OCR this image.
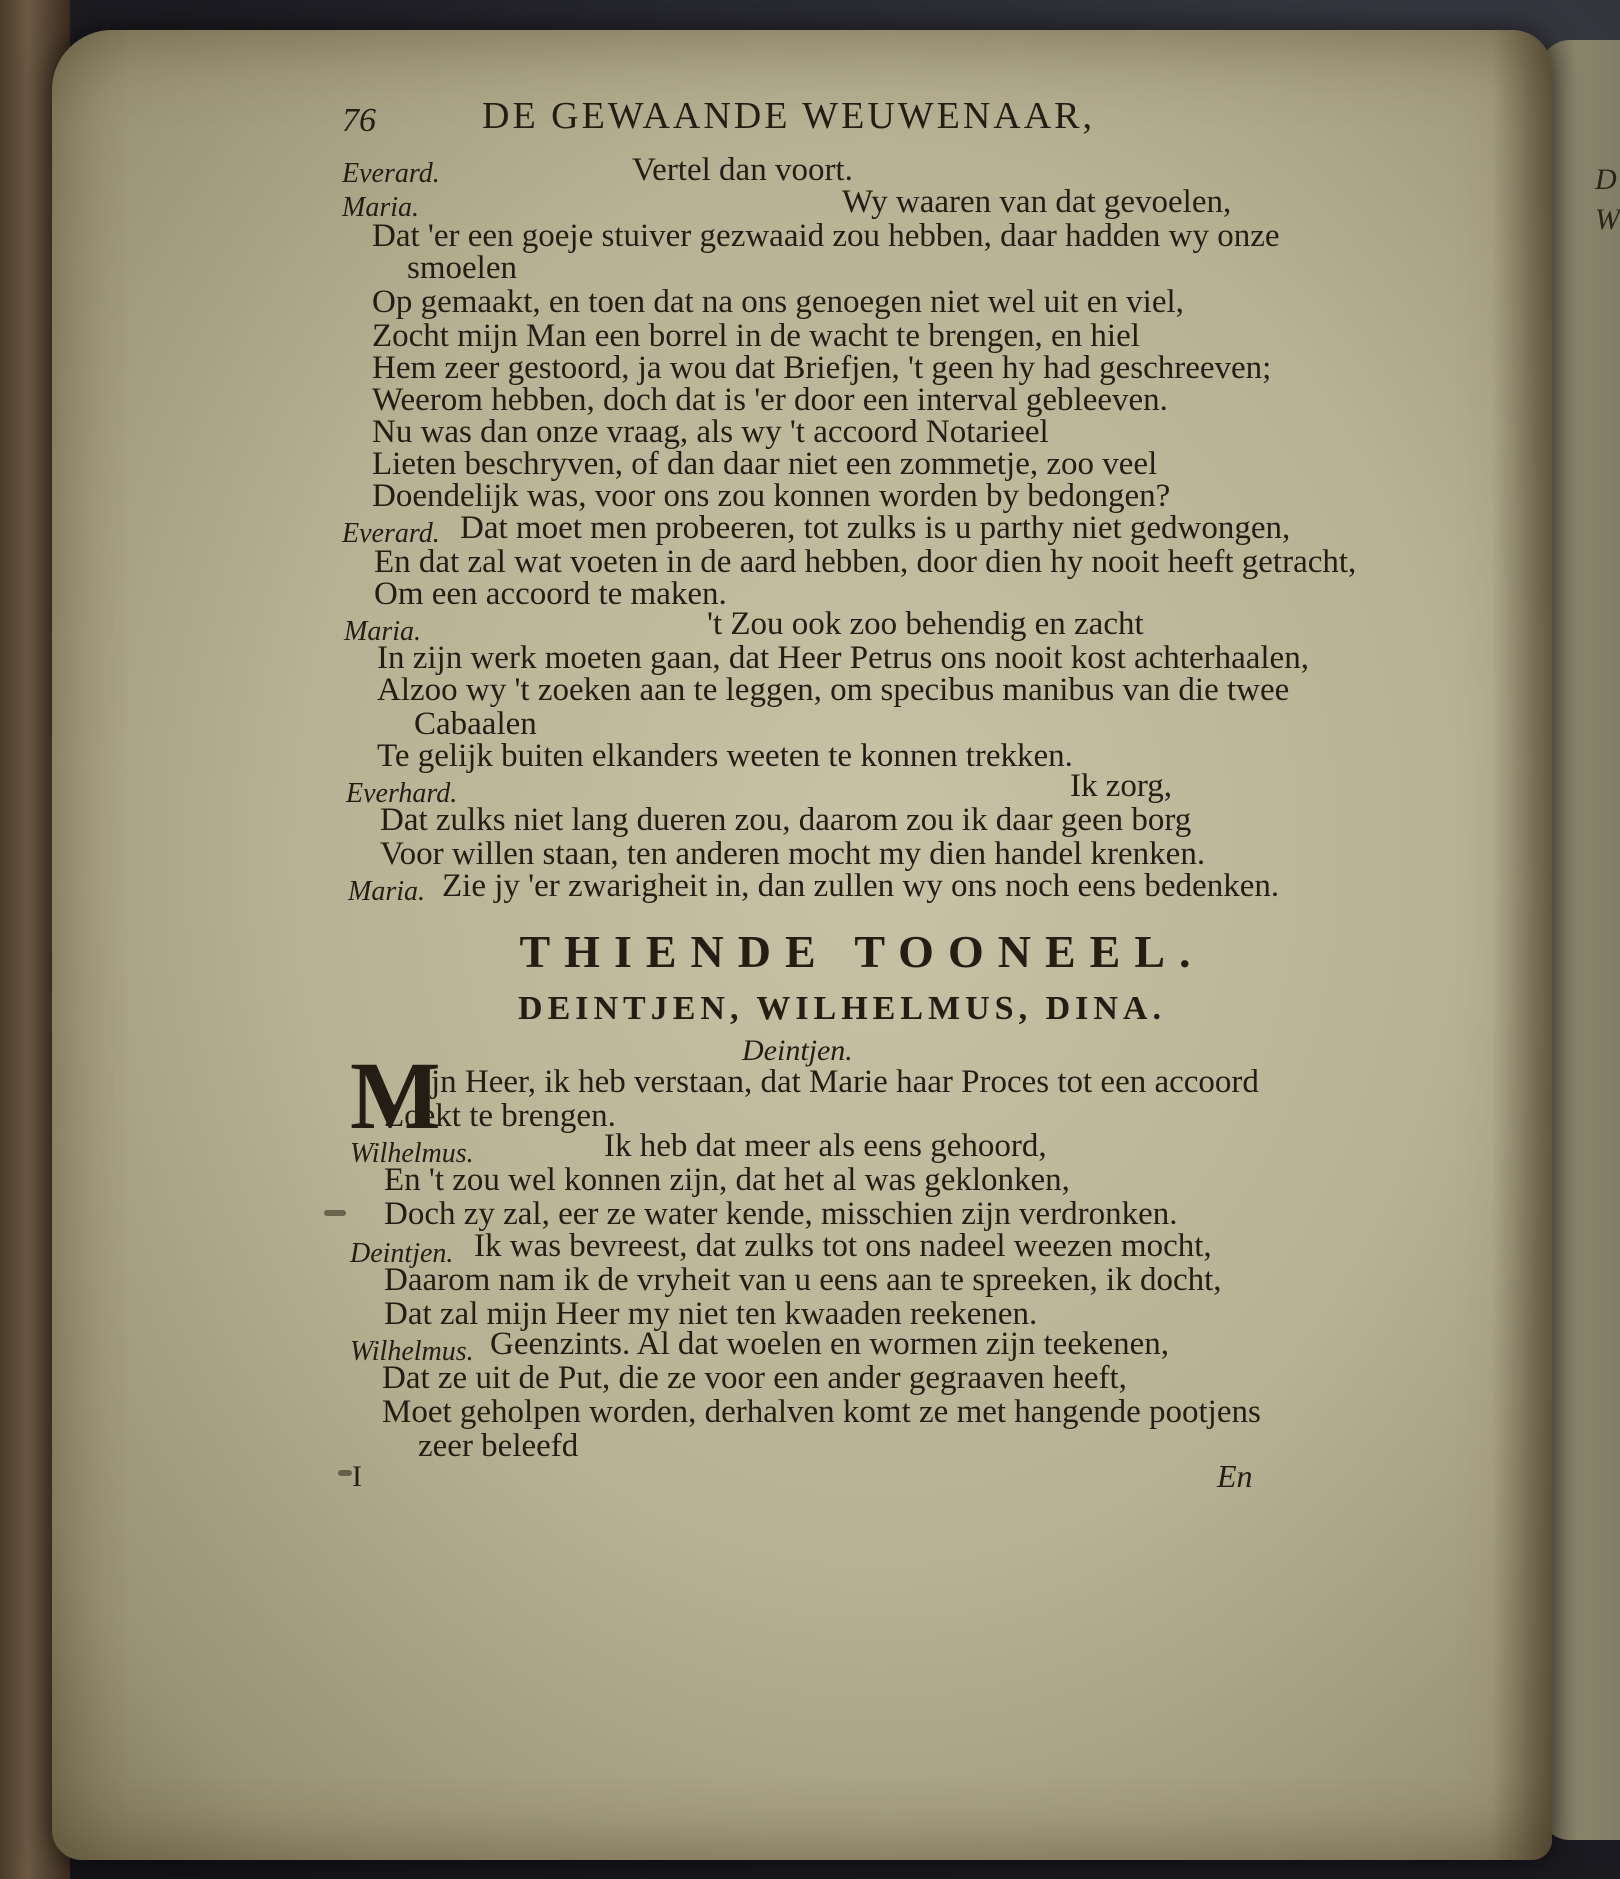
D
W
76	DE GEWAANDE WEUWENAAR,
Everard.	Vertel dan voort.
Maria.	Wy waaren van dat gevoelen,
Dat 'er een goeje stuiver gezwaaid zou hebben, daar hadden wy onze
smoelen
Op gemaakt, en toen dat na ons genoegen niet wel uit en viel,
Zocht mijn Man een borrel in de wacht te brengen, en hiel
Hem zeer gestoord, ja wou dat Briefjen, 't geen hy had geschreeven;
Weerom hebben, doch dat is 'er door een interval gebleeven.
Nu was dan onze vraag, als wy 't accoord Notarieel
Lieten beschryven, of dan daar niet een zommetje, zoo veel
Doendelijk was, voor ons zou konnen worden by bedongen?
Everard. Dat moet men probeeren, tot zulks is u parthy niet gedwongen,
En dat zal wat voeten in de aard hebben, door dien hy nooit heeft getracht,
Om een accoord te maken.
Maria.	't Zou ook zoo behendig en zacht
In zijn werk moeten gaan, dat Heer Petrus ons nooit kost achterhaalen,
Alzoo wy 't zoeken aan te leggen, om specibus manibus van die twee
Cabaalen
Te gelijk buiten elkanders weeten te konnen trekken.
Everhard.	Ik zorg,
Dat zulks niet lang dueren zou, daarom zou ik daar geen borg
Voor willen staan, ten anderen mocht my dien handel krenken.
Maria. Zie jy 'er zwarigheit in, dan zullen wy ons noch eens bedenken.
THIENDE TOONEEL.
DEINTJEN, WILHELMUS, DINA.
Deintjen.
M
Ijn Heer, ik heb verstaan, dat Marie haar Proces tot een accoord
Zoekt te brengen.
Wilhelmus.	Ik heb dat meer als eens gehoord,
En 't zou wel konnen zijn, dat het al was geklonken,
Doch zy zal, eer ze water kende, misschien zijn verdronken.
Deintjen. Ik was bevreest, dat zulks tot ons nadeel weezen mocht,
Daarom nam ik de vryheit van u eens aan te spreeken, ik docht,
Dat zal mijn Heer my niet ten kwaaden reekenen.
Wilhelmus. Geenzints. Al dat woelen en wormen zijn teekenen,
Dat ze uit de Put, die ze voor een ander gegraaven heeft,
Moet geholpen worden, derhalven komt ze met hangende pootjens
zeer beleefd
I	En
